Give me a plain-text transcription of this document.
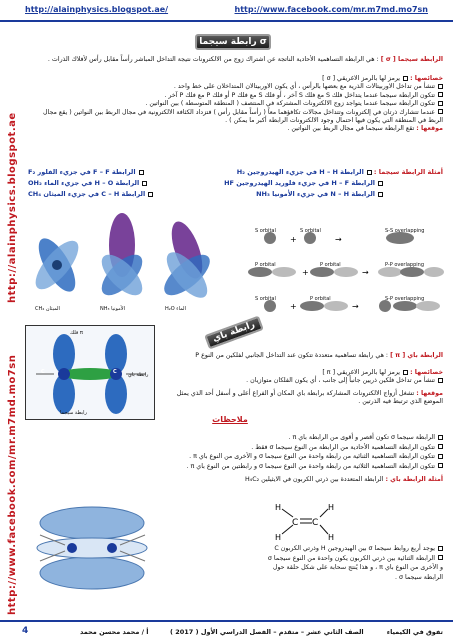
http://alainphysics.blogspot.ae/	http://www.facebook.com/mr.m7md.mo7sn
http://alainphysics.blogspot.ae
http://www.facebook.com/mr.m7md.mo7sn
رابطة سيجما σ
الرابطة سيجما [ σ ] : هي الرابطة التساهمية الأحادية الناتجة عن اشتراك زوج من الالكترونات نتيجة التداخل المباشر رأساً مقابل رأس لأفلاك الذرات .
خصائصها : يرمز لها بالرمز الاغريقي [ σ ]
تنشأ من تداخل الاوربيتالات الذرية مع بعضها بالرأس ، أي يكون الاوربيتالان المتداخلان على خط واحد .
تتكون الرابطة سيجما عندما يتداخل فلك S مع فلك S آخر ، أو فلك S مع فلك P أو فلك P مع فلك P آخر .
تتكون الرابطة سيجما عندما يتواجد زوج الالكترونات المشتركة في المنتصف ( المنطقة المتوسطة ) بين النواتين .
عندما تتشارك ذرتان في إلكترونات وتتداخل مجالات تكافؤهما معاً ( رأساً مقابل رأس ) فتزداد الكثافة الالكترونية في مجال الربط بين النواتين ( يقع مجال الربط في المنطقة التي يكون فيها احتمال وجود الالكترونات الرابطة أكبر ما يمكن ) .
موقعها : تقع الرابطة سيجما في مجال الربط بين النواتين .
أمثلة الرابطة سيجما : الرابطة H – H في جزيء الهيدروجين H₂
الرابطة F – F في جزيء الفلور F₂
الرابطة H – F في جزيء فلوريد الهيدروجين HF
الرابطة H – O في جزيء الماء OH₂
الرابطة N – H في جزيء الأمونيا NH₃
الرابطة C – H في جزيء الميثان CH₄
CH₄ الميثان	NH₃ الأمونيا	H₂O الماء
+	→
+	→
+	→
S orbital	S orbital	S-S overlapping
P orbital	P orbital	P-P overlapping
S orbital	P orbital	S-P overlapping
رابطة باي π
C	C
فلك π
رابطة سيجما
رابطة باي
الرابطة باي [ π ] : هي رابطة تساهمية متعددة تتكون عند التداخل الجانبي لفلكين من النوع P
خصائصها : يرمز لها بالرمز الاغريقي [ π ]
تنشأ من تداخل فلكين ذريين جانباً إلى جانب ، أي يكون الفلكان متوازيان .
موقعها : تشغل أزواج الالكترونات المشاركة برابطة باي المكان أو الفراغ أعلى و أسفل أحد الذي يمثل الموضع الذي ترتبط فيه الذرتين .
ملاحظات
الرابطة سيجما σ تكون أقصر و أقوى من الرابطة باي π .
تتكون الرابطة التساهمية الأحادية من الرابطة من النوع سيجما σ فقط .
تتكون الرابطة التساهمية الثنائية من رابطة واحدة من النوع سيجما σ و الأخرى من النوع باي π .
تتكون الرابطة التساهمية الثلاثية من رابطة واحدة من النوع سيجما σ و رابطتين من النوع باي π .
أمثلة الرابطة باي : الرابطة المتعددة بين ذرتي الكربون في الايثيلين H₄C₂
C C
H
H
H
H
يوجد أربع روابط سيجما σ بين الهيدروجين H وذرتي الكربون C
الرابطة الثنائية بين ذرتي الكربون يكون واحدة من النوع سيجما σ
و الأخرى من النوع باي π ، و هذا يُنتج سحابة على شكل حلقة حول
الرابطة سيجما σ .
4	أ / محمد محسن محمد	الصف الثاني عشر – متقدم – الفصل الدراسي الأول ( 2017 )	تفوق في الكيمياء
